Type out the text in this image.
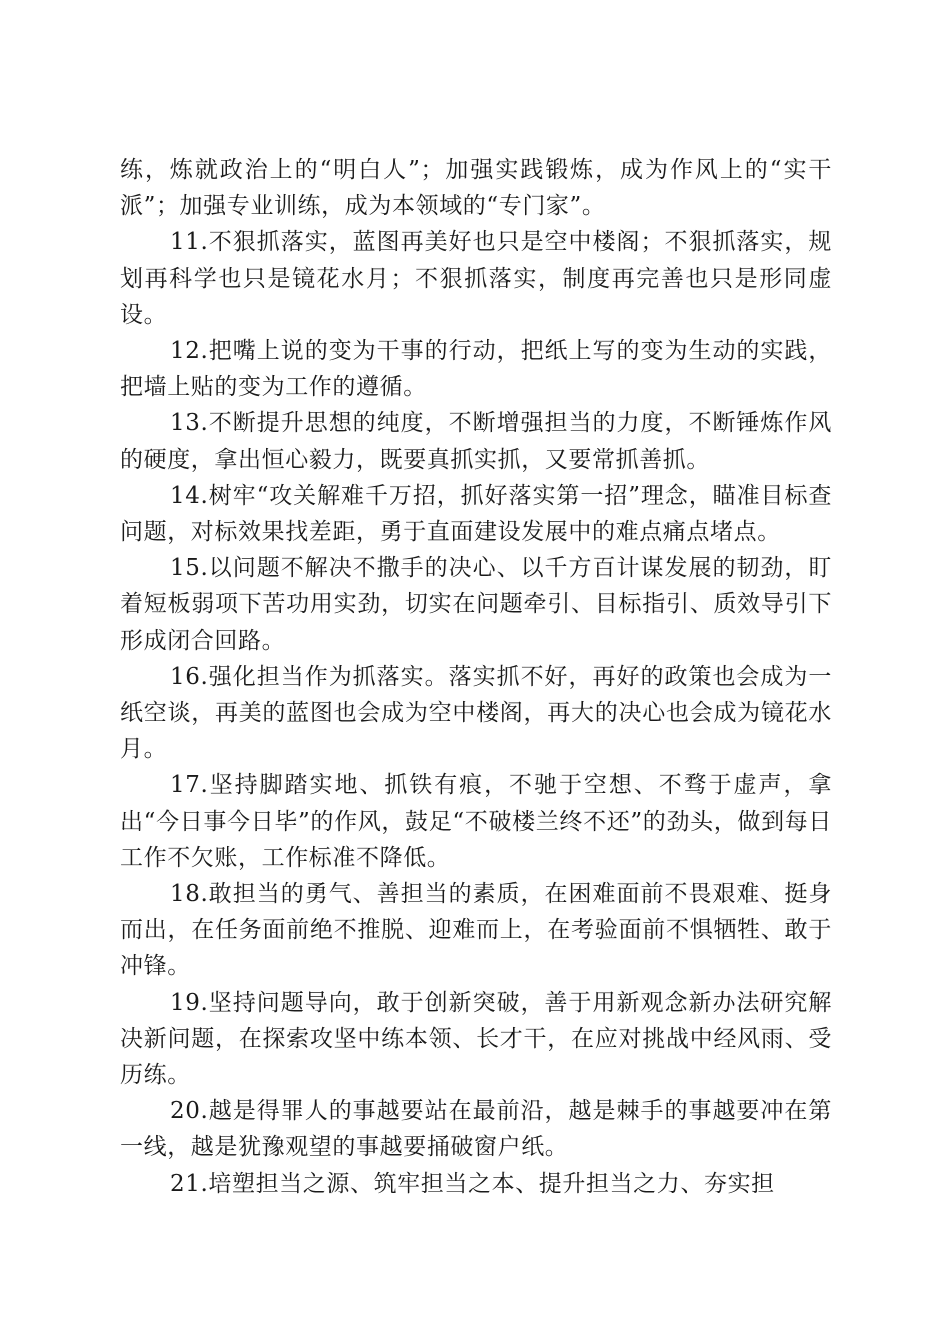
练，炼就政治上的“明白人”；加强实践锻炼，成为作风上的“实干派”；加强专业训练，成为本领域的“专门家”。

11.不狠抓落实，蓝图再美好也只是空中楼阁；不狠抓落实，规划再科学也只是镜花水月；不狠抓落实，制度再完善也只是形同虚设。

12.把嘴上说的变为干事的行动，把纸上写的变为生动的实践，把墙上贴的变为工作的遵循。

13.不断提升思想的纯度，不断增强担当的力度，不断锤炼作风的硬度，拿出恒心毅力，既要真抓实抓，又要常抓善抓。

14.树牢“攻关解难千万招，抓好落实第一招”理念，瞄准目标查问题，对标效果找差距，勇于直面建设发展中的难点痛点堵点。

15.以问题不解决不撒手的决心、以千方百计谋发展的韧劲，盯着短板弱项下苦功用实劲，切实在问题牵引、目标指引、质效导引下形成闭合回路。

16.强化担当作为抓落实。落实抓不好，再好的政策也会成为一纸空谈，再美的蓝图也会成为空中楼阁，再大的决心也会成为镜花水月。

17.坚持脚踏实地、抓铁有痕，不驰于空想、不骛于虚声，拿出“今日事今日毕”的作风，鼓足“不破楼兰终不还”的劲头，做到每日工作不欠账，工作标准不降低。

18.敢担当的勇气、善担当的素质，在困难面前不畏艰难、挺身而出，在任务面前绝不推脱、迎难而上，在考验面前不惧牺牲、敢于冲锋。

19.坚持问题导向，敢于创新突破，善于用新观念新办法研究解决新问题，在探索攻坚中练本领、长才干，在应对挑战中经风雨、受历练。

20.越是得罪人的事越要站在最前沿，越是棘手的事越要冲在第一线，越是犹豫观望的事越要捅破窗户纸。

21.培塑担当之源、筑牢担当之本、提升担当之力、夯实担
